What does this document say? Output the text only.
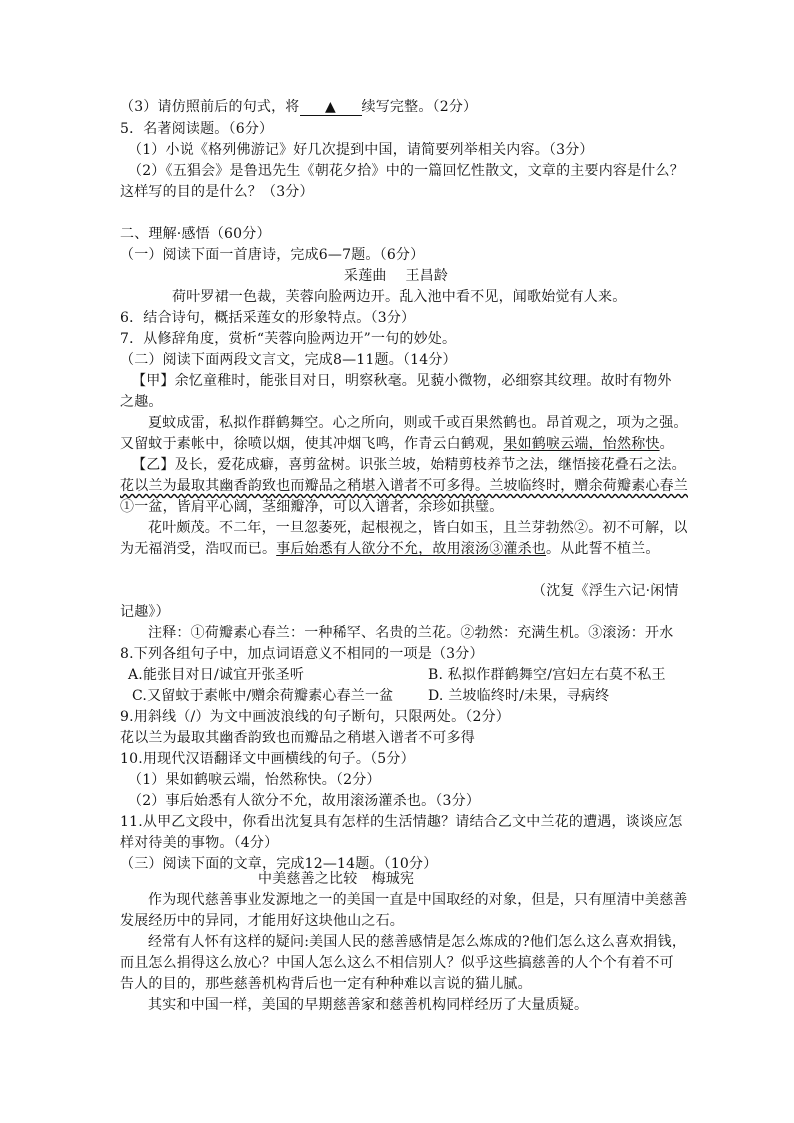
（3）请仿照前后的句式，将 ▲ 续写完整。（2分）
5．名著阅读题。（6分）
（1）小说《格列佛游记》好几次提到中国，请简要列举相关内容。（3分）
（2）《五猖会》是鲁迅先生《朝花夕拾》中的一篇回忆性散文，文章的主要内容是什么？
这样写的目的是什么？（3分）
二、理解·感悟（60分）
（一）阅读下面一首唐诗，完成6—7题。（6分）
采莲曲　 王昌龄
荷叶罗裙一色裁，芙蓉向脸两边开。乱入池中看不见，闻歌始觉有人来。
6．结合诗句，概括采莲女的形象特点。（3分）
7．从修辞角度，赏析“芙蓉向脸两边开”一句的妙处。
（二）阅读下面两段文言文，完成8—11题。（14分）
【甲】余忆童稚时，能张目对日，明察秋毫。见藐小微物，必细察其纹理。故时有物外
之趣。
夏蚊成雷，私拟作群鹤舞空。心之所向，则或千或百果然鹤也。昂首观之，项为之强。
又留蚊于素帐中，徐喷以烟，使其冲烟飞鸣，作青云白鹤观，果如鹤唳云端，怡然称快。
【乙】及长，爱花成癖，喜剪盆树。识张兰坡，始精剪枝养节之法，继悟接花叠石之法。
花以兰为最取其幽香韵致也而瓣品之稍堪入谱者不可多得。兰坡临终时，赠余荷瓣素心春兰
①一盆，皆肩平心阔，茎细瓣净，可以入谱者，余珍如拱璧。
花叶颇茂。不二年，一旦忽萎死，起根视之，皆白如玉，且兰芽勃然②。初不可解，以
为无福消受，浩叹而已。事后始悉有人欲分不允，故用滚汤③灌杀也。从此誓不植兰。
（沈复《浮生六记·闲情
记趣》）
注释：①荷瓣素心春兰：一种稀罕、名贵的兰花。②勃然：充满生机。③滚汤：开水
8.下列各组句子中，加点词语意义不相同的一项是（3分）
A.能张目对日/诚宜开张圣听	B. 私拟作群鹤舞空/宫妇左右莫不私王
C.又留蚊于素帐中/赠余荷瓣素心春兰一盆 D. 兰坡临终时/未果，寻病终
9.用斜线（/）为文中画波浪线的句子断句，只限两处。（2分）
花以兰为最取其幽香韵致也而瓣品之稍堪入谱者不可多得
10.用现代汉语翻译文中画横线的句子。（5分）
（1）果如鹤唳云端，怡然称快。（2分）
（2）事后始悉有人欲分不允，故用滚汤灌杀也。（3分）
11.从甲乙文段中，你看出沈复具有怎样的生活情趣？请结合乙文中兰花的遭遇，谈谈应怎
样对待美的事物。（4分）
（三）阅读下面的文章，完成12—14题。（10分）
中美慈善之比较　梅珹宪
作为现代慈善事业发源地之一的美国一直是中国取经的对象，但是，只有厘清中美慈善
发展经历中的异同，才能用好这块他山之石。
经常有人怀有这样的疑问:美国人民的慈善感情是怎么炼成的?他们怎么这么喜欢捐钱，
而且怎么捐得这么放心？中国人怎么这么不相信别人？似乎这些搞慈善的人个个有着不可
告人的目的，那些慈善机构背后也一定有种种难以言说的猫儿腻。
其实和中国一样，美国的早期慈善家和慈善机构同样经历了大量质疑。
